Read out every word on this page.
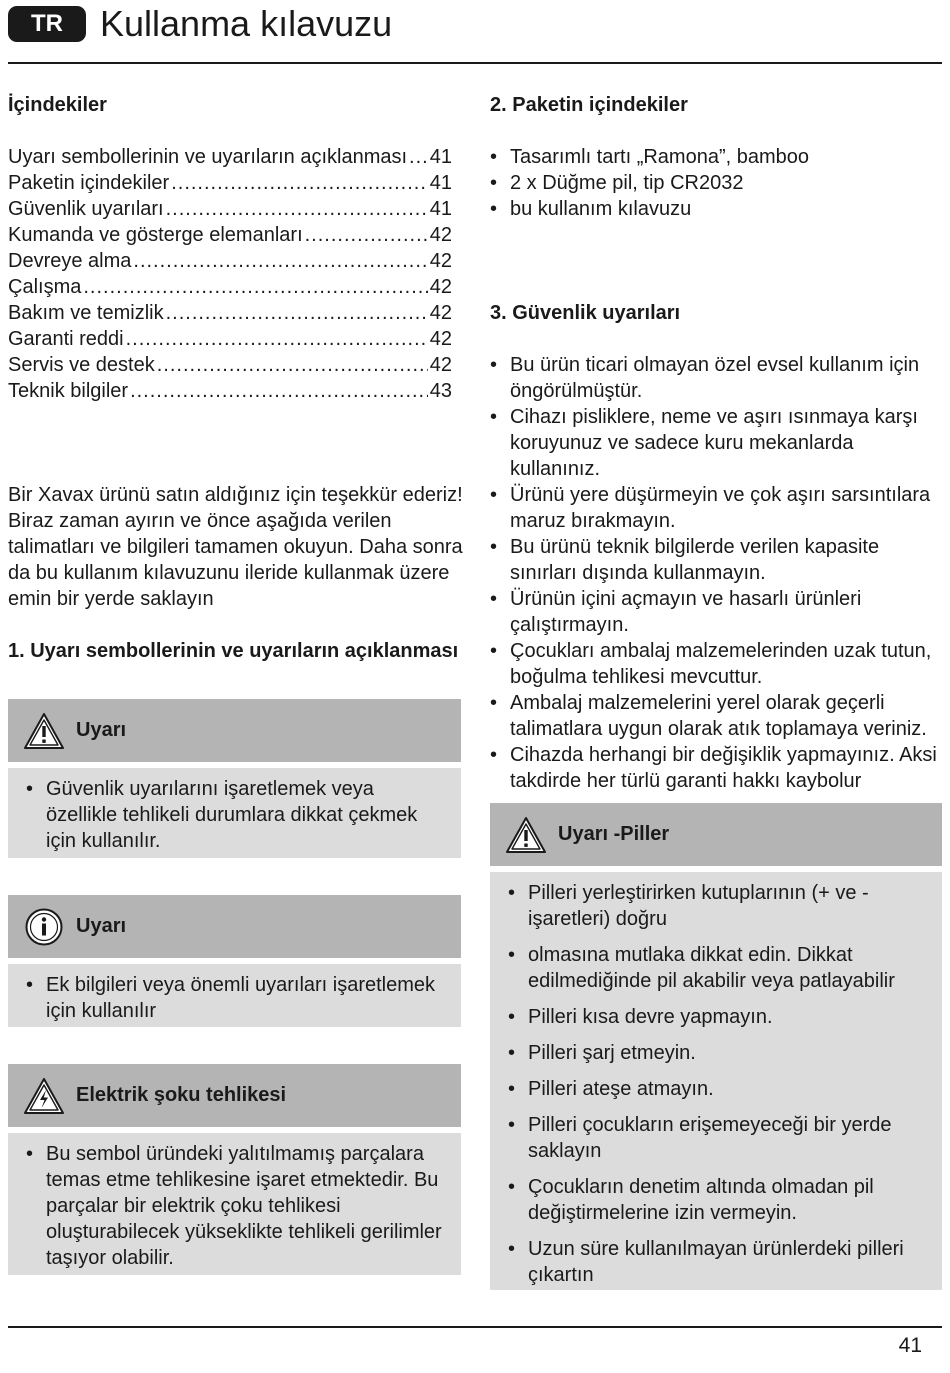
TR	Kullanma kılavuzu
İçindekiler
Uyarı sembollerinin ve uyarıların açıklanması ..... 41
Paketin içindekiler .....	41
Güvenlik uyarıları .....	41
Kumanda ve gösterge elemanları .....	42
Devreye alma .....	42
Çalışma .....	42
Bakım ve temizlik .....	42
Garanti reddi .....	42
Servis ve destek .....	42
Teknik bilgiler .....	43
Bir Xavax ürünü satın aldığınız için teşekkür ederiz! Biraz zaman ayırın ve önce aşağıda verilen talimatları ve bilgileri tamamen okuyun. Daha sonra da bu kullanım kılavuzunu ileride kullanmak üzere emin bir yerde saklayın
1. Uyarı sembollerinin ve uyarıların açıklanması
Uyarı
• Güvenlik uyarılarını işaretlemek veya özellikle tehlikeli durumlara dikkat çekmek için kullanılır.
Uyarı
• Ek bilgileri veya önemli uyarıları işaretlemek için kullanılır
Elektrik şoku tehlikesi
• Bu sembol üründeki yalıtılmamış parçalara temas etme tehlikesine işaret etmektedir. Bu parçalar bir elektrik çoku tehlikesi oluşturabilecek yükseklikte tehlikeli gerilimler taşıyor olabilir.
2. Paketin içindekiler
• Tasarımlı tartı „Ramona”, bamboo
• 2 x Düğme pil, tip CR2032
• bu kullanım kılavuzu
3. Güvenlik uyarıları
• Bu ürün ticari olmayan özel evsel kullanım için öngörülmüştür.
• Cihazı pisliklere, neme ve aşırı ısınmaya karşı koruyunuz ve sadece kuru mekanlarda kullanınız.
• Ürünü yere düşürmeyin ve çok aşırı sarsıntılara maruz bırakmayın.
• Bu ürünü teknik bilgilerde verilen kapasite sınırları dışında kullanmayın.
• Ürünün içini açmayın ve hasarlı ürünleri çalıştırmayın.
• Çocukları ambalaj malzemelerinden uzak tutun, boğulma tehlikesi mevcuttur.
• Ambalaj malzemelerini yerel olarak geçerli talimatlara uygun olarak atık toplamaya veriniz.
• Cihazda herhangi bir değişiklik yapmayınız. Aksi takdirde her türlü garanti hakkı kaybolur
Uyarı -Piller
• Pilleri yerleştirirken kutuplarının (+ ve - işaretleri) doğru
• olmasına mutlaka dikkat edin. Dikkat edilmediğinde pil akabilir veya patlayabilir
• Pilleri kısa devre yapmayın.
• Pilleri şarj etmeyin.
• Pilleri ateşe atmayın.
• Pilleri çocukların erişemeyeceği bir yerde saklayın
• Çocukların denetim altında olmadan pil değiştirmelerine izin vermeyin.
• Uzun süre kullanılmayan ürünlerdeki pilleri çıkartın
41
